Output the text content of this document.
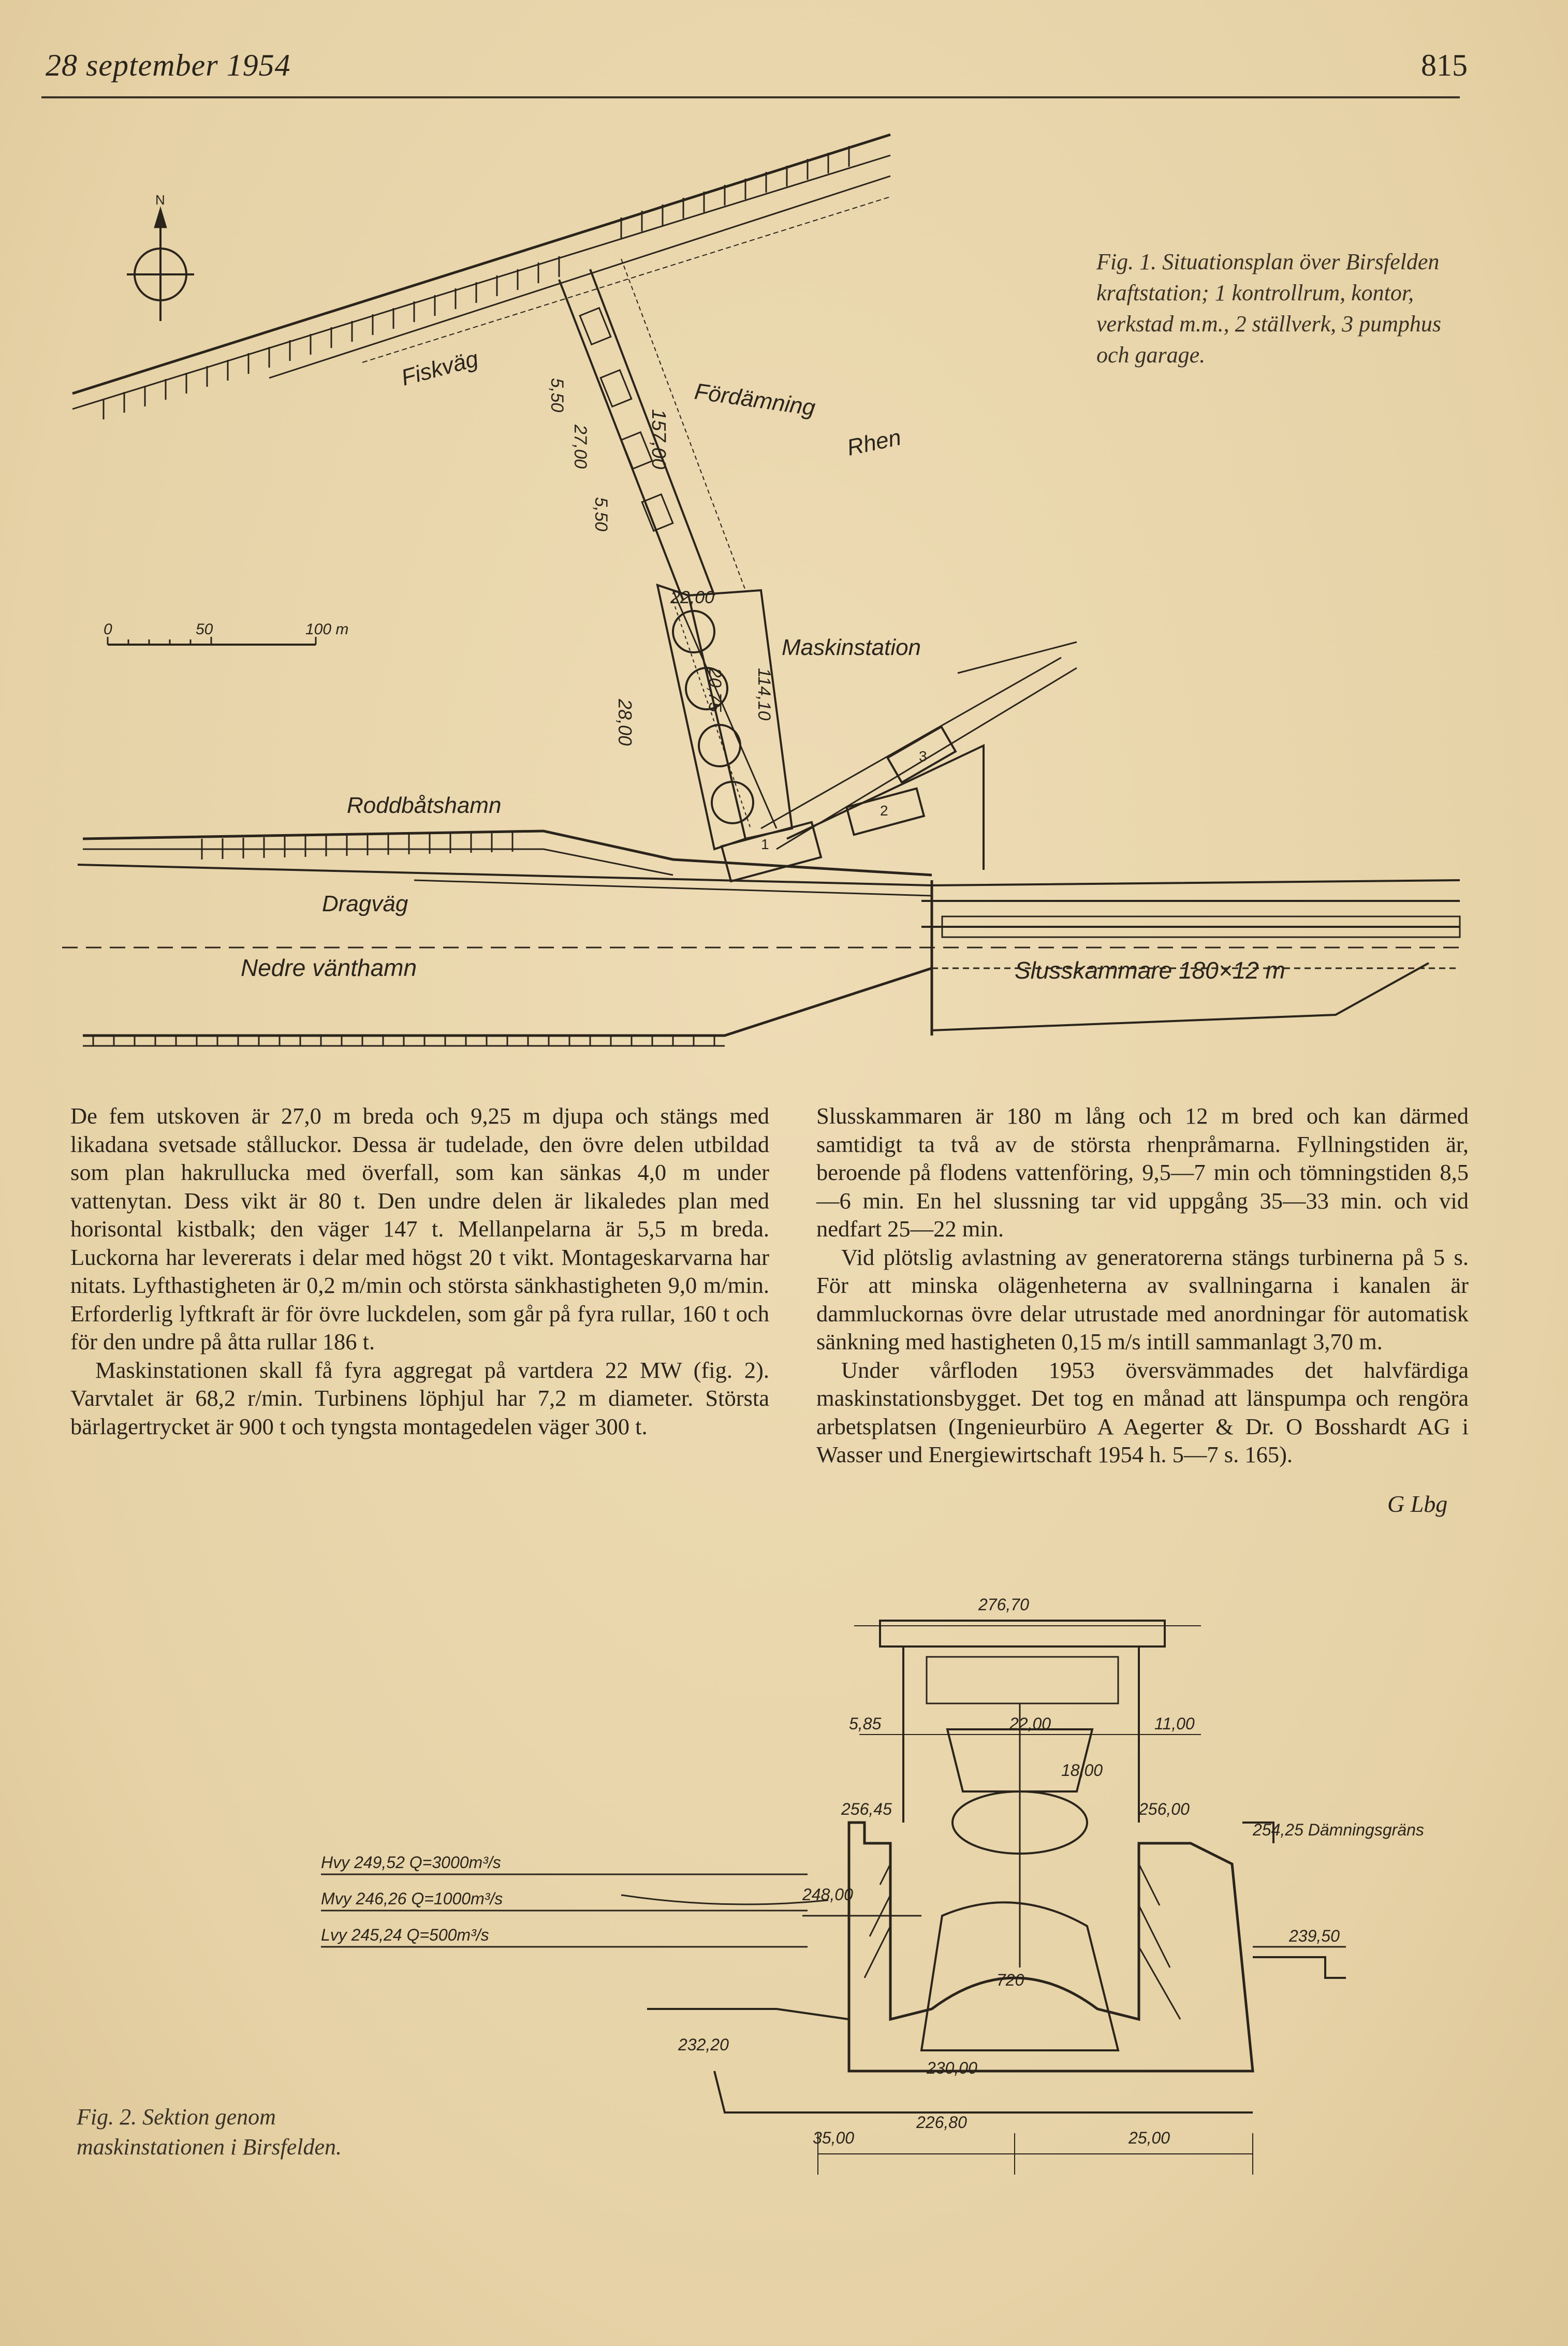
28 september 1954	815
N
Fiskväg
Fördämning
Rhen
Maskinstation
Roddbåtshamn
Dragväg
Nedre vänthamn	Slusskammare 180×12 m
0	50	100 m
5,50
27,00
5,50
157,00
22,00
20,75 114,10
28,00
1
2
3
Fig. 1. Situationsplan över Birsfelden kraftstation; 1 kontrollrum, kontor, verkstad m.m., 2 ställverk, 3 pumphus och garage.

De fem utskoven är 27,0 m breda och 9,25 m djupa och stängs med likadana svetsade stålluckor. Dessa är tudelade, den övre delen utbildad som plan hakrullucka med överfall, som kan sänkas 4,0 m under vattenytan. Dess vikt är 80 t. Den undre delen är likaledes plan med horisontal kistbalk; den väger 147 t. Mellanpelarna är 5,5 m breda. Luckorna har levererats i delar med högst 20 t vikt. Montageskarvarna har nitats. Lyfthastigheten är 0,2 m/min och största sänkhastigheten 9,0 m/min. Erforderlig lyftkraft är för övre luckdelen, som går på fyra rullar, 160 t och för den undre på åtta rullar 186 t.

Maskinstationen skall få fyra aggregat på vartdera 22 MW (fig. 2). Varvtalet är 68,2 r/min. Turbinens löphjul har 7,2 m diameter. Största bärlagertrycket är 900 t och tyngsta montagedelen väger 300 t.

Slusskammaren är 180 m lång och 12 m bred och kan därmed samtidigt ta två av de största rhenpråmarna. Fyllningstiden är, beroende på flodens vattenföring, 9,5—7 min och tömningstiden 8,5—6 min. En hel slussning tar vid uppgång 35—33 min. och vid nedfart 25—22 min.

Vid plötslig avlastning av generatorerna stängs turbinerna på 5 s. För att minska olägenheterna av svallningarna i kanalen är dammluckornas övre delar utrustade med anordningar för automatisk sänkning med hastigheten 0,15 m/s intill sammanlagt 3,70 m.

Under vårfloden 1953 översvämmades det halvfärdiga maskinstationsbygget. Det tog en månad att länspumpa och rengöra arbetsplatsen (Ingenieurbüro A Aegerter & Dr. O Bosshardt AG i Wasser und Energiewirtschaft 1954 h. 5—7 s. 165).

G Lbg
276,70
5,85	22,00	11,00
18,00
256,45	256,00
254,25 Dämningsgräns
248,00
720
239,50
232,20
230,00
226,80
35,00	25,00
Hvy 249,52 Q=3000m³/s
Mvy 246,26 Q=1000m³/s
Lvy 245,24 Q=500m³/s
Fig. 2. Sektion genom maskinstationen i Birsfelden.
